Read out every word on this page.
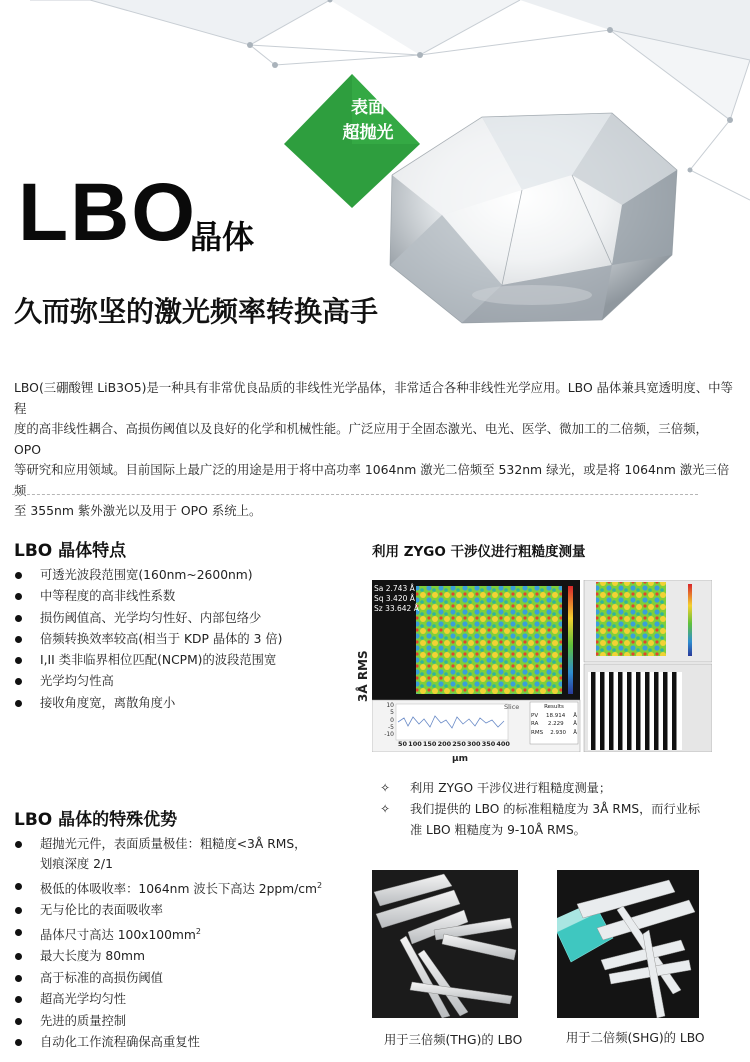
表面
超抛光
LBO
晶体
久而弥坚的激光频率转换高手
LBO(三硼酸锂 LiB3O5)是一种具有非常优良品质的非线性光学晶体，非常适合各种非线性光学应用。LBO 晶体兼具宽透明度、中等程
度的高非线性耦合、高损伤阈值以及良好的化学和机械性能。广泛应用于全固态激光、电光、医学、微加工的二倍频，三倍频，OPO
等研究和应用领域。目前国际上最广泛的用途是用于将中高功率 1064nm 激光二倍频至 532nm 绿光，或是将 1064nm 激光三倍频
至 355nm 紫外激光以及用于 OPO 系统上。
LBO 晶体特点
可透光波段范围宽(160nm~2600nm)
中等程度的高非线性系数
损伤阈值高、光学均匀性好、内部包络少
倍频转换效率较高(相当于 KDP 晶体的 3 倍)
I,II 类非临界相位匹配(NCPM)的波段范围宽
光学均匀性高
接收角度宽，离散角度小
LBO 晶体的特殊优势
超抛光元件，表面质量极佳：粗糙度<3Å RMS，
划痕深度 2/1
极低的体吸收率：1064nm 波长下高达 $2ppm/cm^2$
无与伦比的表面吸收率
晶体尺寸高达 $100x100mm^2$
最大长度为 80mm
高于标准的高损伤阈值
超高光学均匀性
先进的质量控制
自动化工作流程确保高重复性
利用 ZYGO 干涉仪进行粗糙度测量
3Å RMS
Sa 2.743 Å
Sq 3.420 Å
Sz 33.642 Å
Slice
10
5
0
-5
-10
50 100 150 200 250 300 350 400
μm
Results
PV 18.914 Å
RA 2.229 Å
RMS 2.930 Å
✧ 利用 ZYGO 干涉仪进行粗糙度测量；
✧ 我们提供的 LBO 的标准粗糙度为 3Å RMS，而行业标
准 LBO 粗糙度为 9-10Å RMS。
用于三倍频(THG)的 LBO	用于二倍频(SHG)的 LBO
